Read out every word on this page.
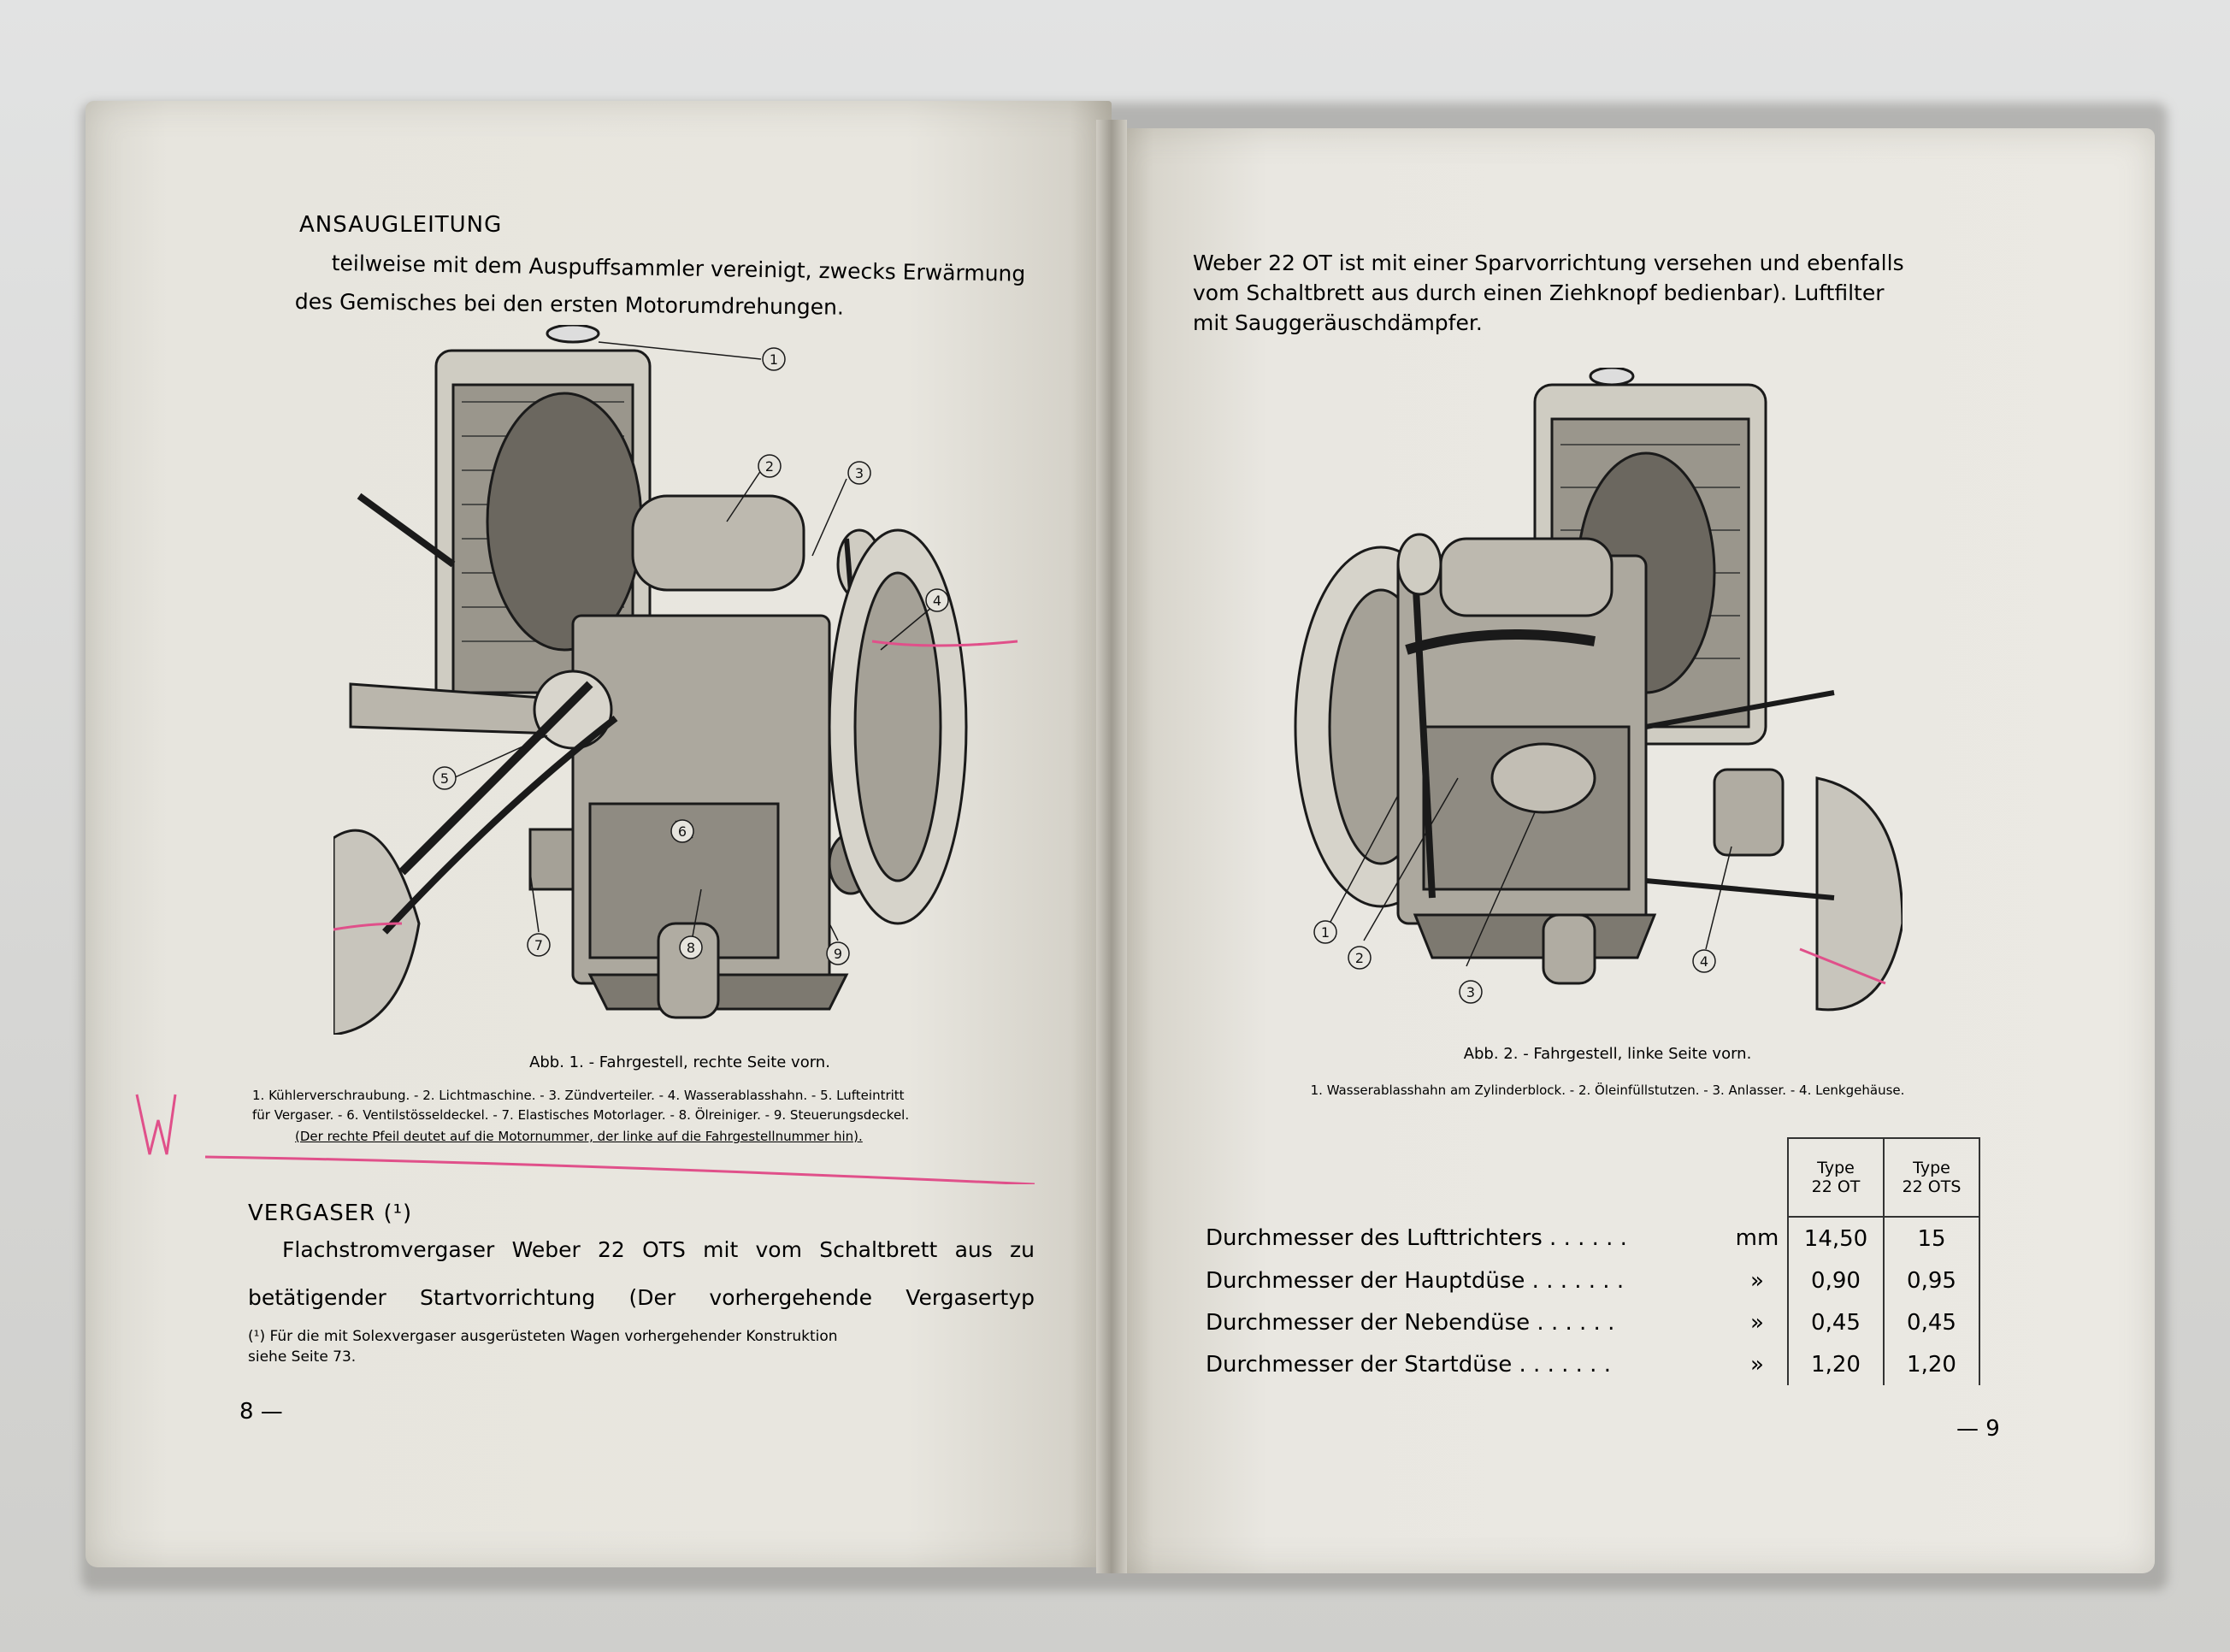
ANSAUGLEITUNG
teilweise mit dem Auspuffsammler vereinigt, zwecks Erwärmung
des Gemisches bei den ersten Motorumdrehungen.
1
2	3
4
5
6
7	8	9
Abb. 1. - Fahrgestell, rechte Seite vorn.
1. Kühlerverschraubung. - 2. Lichtmaschine. - 3. Zündverteiler. - 4. Wasserablasshahn. - 5. Lufteintritt
für Vergaser. - 6. Ventilstösseldeckel. - 7. Elastisches Motorlager. - 8. Ölreiniger. - 9. Steuerungsdeckel.
(Der rechte Pfeil deutet auf die Motornummer, der linke auf die Fahrgestellnummer hin).
VERGASER (¹)
Flachstromvergaser Weber 22 OTS mit vom Schaltbrett aus zu
betätigender Startvorrichtung (Der vorhergehende Vergasertyp
(¹) Für die mit Solexvergaser ausgerüsteten Wagen vorhergehender Konstruktion
siehe Seite 73.
8 —
Weber 22 OT ist mit einer Sparvorrichtung versehen und ebenfalls
vom Schaltbrett aus durch einen Ziehknopf bedienbar). Luftfilter
mit Sauggeräuschdämpfer.
1
2
3
4
Abb. 2. - Fahrgestell, linke Seite vorn.
1. Wasserablasshahn am Zylinderblock. - 2. Öleinfüllstutzen. - 3. Anlasser. - 4. Lenkgehäuse.
		Type
22 OT	Type
22 OTS
Durchmesser des Lufttrichters . . . . . .	mm	14,50	15
Durchmesser der Hauptdüse . . . . . . .	»	0,90	0,95
Durchmesser der Nebendüse . . . . . .	»	0,45	0,45
Durchmesser der Startdüse . . . . . . .	»	1,20	1,20
— 9
